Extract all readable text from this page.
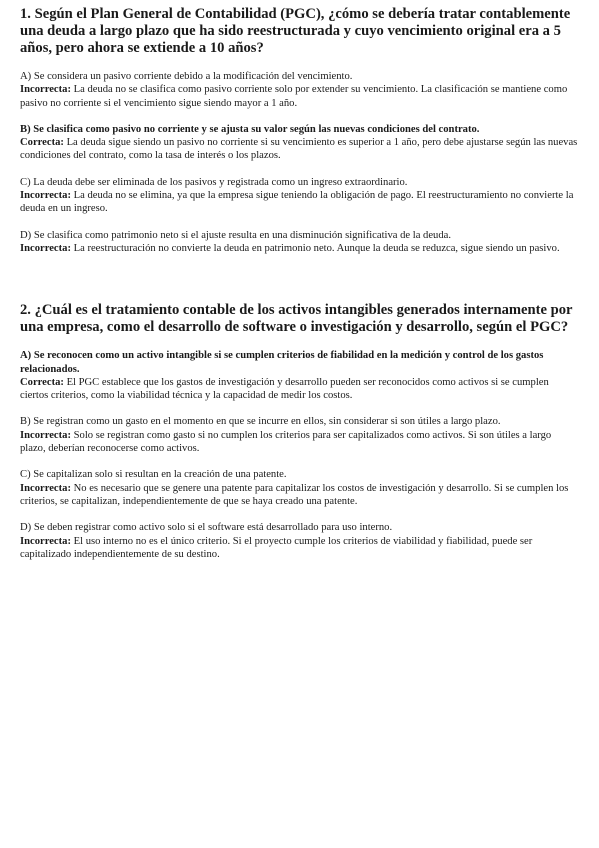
1. Según el Plan General de Contabilidad (PGC), ¿cómo se debería tratar contablemente una deuda a largo plazo que ha sido reestructurada y cuyo vencimiento original era a 5 años, pero ahora se extiende a 10 años?
A) Se considera un pasivo corriente debido a la modificación del vencimiento.
Incorrecta: La deuda no se clasifica como pasivo corriente solo por extender su vencimiento. La clasificación se mantiene como pasivo no corriente si el vencimiento sigue siendo mayor a 1 año.
B) Se clasifica como pasivo no corriente y se ajusta su valor según las nuevas condiciones del contrato.
Correcta: La deuda sigue siendo un pasivo no corriente si su vencimiento es superior a 1 año, pero debe ajustarse según las nuevas condiciones del contrato, como la tasa de interés o los plazos.
C) La deuda debe ser eliminada de los pasivos y registrada como un ingreso extraordinario.
Incorrecta: La deuda no se elimina, ya que la empresa sigue teniendo la obligación de pago. El reestructuramiento no convierte la deuda en un ingreso.
D) Se clasifica como patrimonio neto si el ajuste resulta en una disminución significativa de la deuda.
Incorrecta: La reestructuración no convierte la deuda en patrimonio neto. Aunque la deuda se reduzca, sigue siendo un pasivo.
2. ¿Cuál es el tratamiento contable de los activos intangibles generados internamente por una empresa, como el desarrollo de software o investigación y desarrollo, según el PGC?
A) Se reconocen como un activo intangible si se cumplen criterios de fiabilidad en la medición y control de los gastos relacionados.
Correcta: El PGC establece que los gastos de investigación y desarrollo pueden ser reconocidos como activos si se cumplen ciertos criterios, como la viabilidad técnica y la capacidad de medir los costos.
B) Se registran como un gasto en el momento en que se incurre en ellos, sin considerar si son útiles a largo plazo.
Incorrecta: Solo se registran como gasto si no cumplen los criterios para ser capitalizados como activos. Si son útiles a largo plazo, deberían reconocerse como activos.
C) Se capitalizan solo si resultan en la creación de una patente.
Incorrecta: No es necesario que se genere una patente para capitalizar los costos de investigación y desarrollo. Si se cumplen los criterios, se capitalizan, independientemente de que se haya creado una patente.
D) Se deben registrar como activo solo si el software está desarrollado para uso interno.
Incorrecta: El uso interno no es el único criterio. Si el proyecto cumple los criterios de viabilidad y fiabilidad, puede ser capitalizado independientemente de su destino.
